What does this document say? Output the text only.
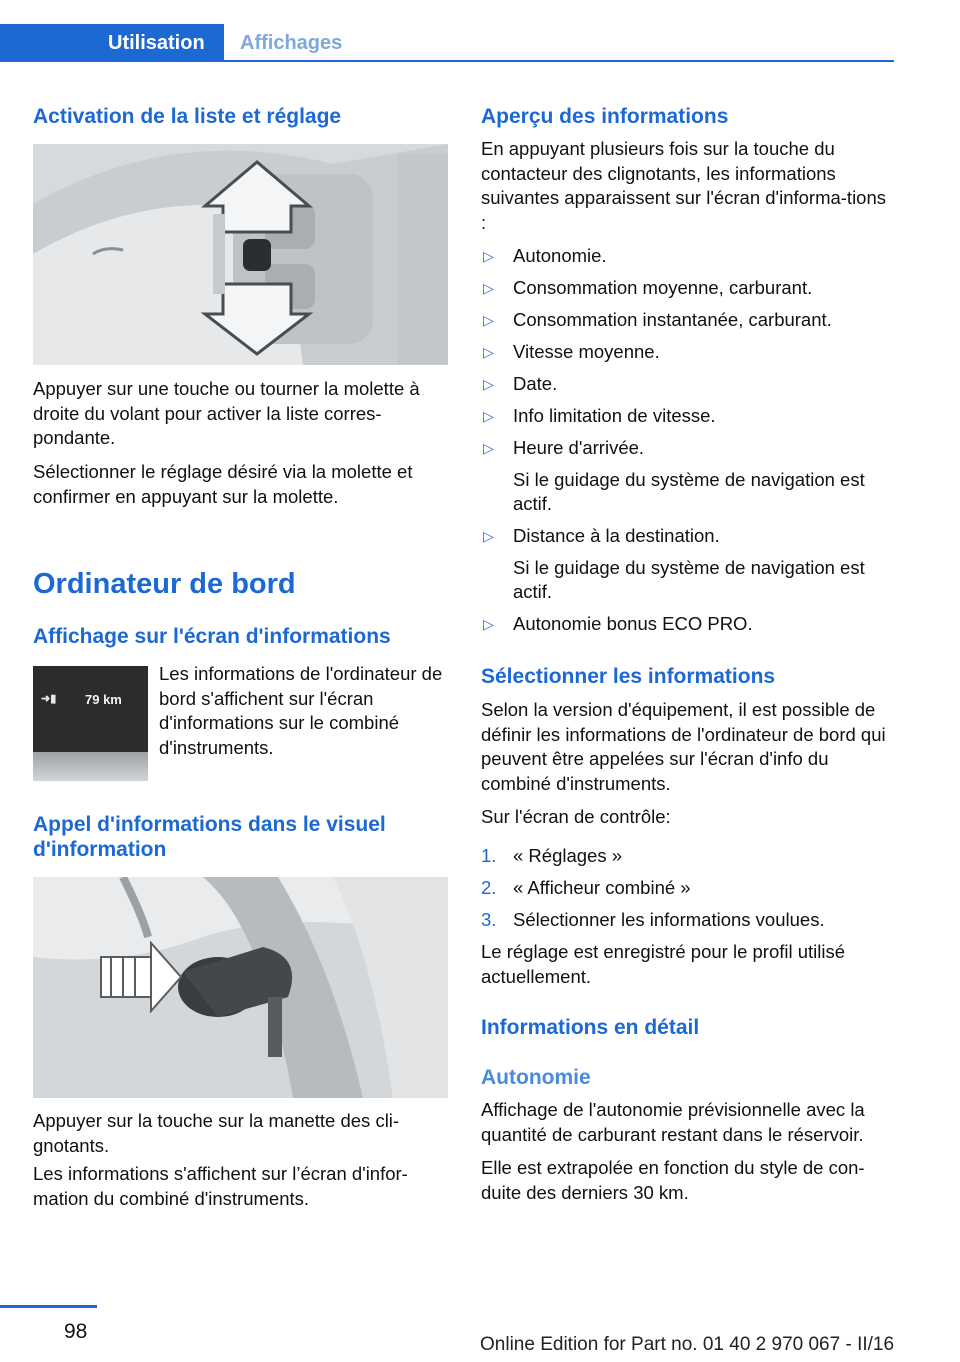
Utilisation	Affichages
Activation de la liste et réglage

Appuyer sur une touche ou tourner la molette à droite du volant pour activer la liste corres-pondante.

Sélectionner le réglage désiré via la molette et confirmer en appuyant sur la molette.

Ordinateur de bord
Affichage sur l'écran d'informations
➜▮ 79 km

Les informations de l'ordinateur de bord s'affichent sur l'écran d'informations sur le combiné d'instruments.

Appel d'informations dans le visuel d'information

Appuyer sur la touche sur la manette des cli-gnotants.

Les informations s'affichent sur l’écran d'infor-mation du combiné d'instruments.

Aperçu des informations

En appuyant plusieurs fois sur la touche du contacteur des clignotants, les informations suivantes apparaissent sur l'écran d'informa-tions :

▷ Autonomie.
▷ Consommation moyenne, carburant.
▷ Consommation instantanée, carburant.
▷ Vitesse moyenne.
▷ Date.
▷ Info limitation de vitesse.
▷ Heure d'arrivée.
Si le guidage du système de navigation est actif.
▷ Distance à la destination.
Si le guidage du système de navigation est actif.
▷ Autonomie bonus ECO PRO.
Sélectionner les informations

Selon la version d'équipement, il est possible de définir les informations de l'ordinateur de bord qui peuvent être appelées sur l'écran d'info du combiné d'instruments.

Sur l'écran de contrôle:

1. « Réglages »
2. « Afficheur combiné »
3. Sélectionner les informations voulues.

Le réglage est enregistré pour le profil utilisé actuellement.

Informations en détail
Autonomie

Affichage de l'autonomie prévisionnelle avec la quantité de carburant restant dans le réservoir.

Elle est extrapolée en fonction du style de con-duite des derniers 30 km.

98
Online Edition for Part no. 01 40 2 970 067 - II/16
